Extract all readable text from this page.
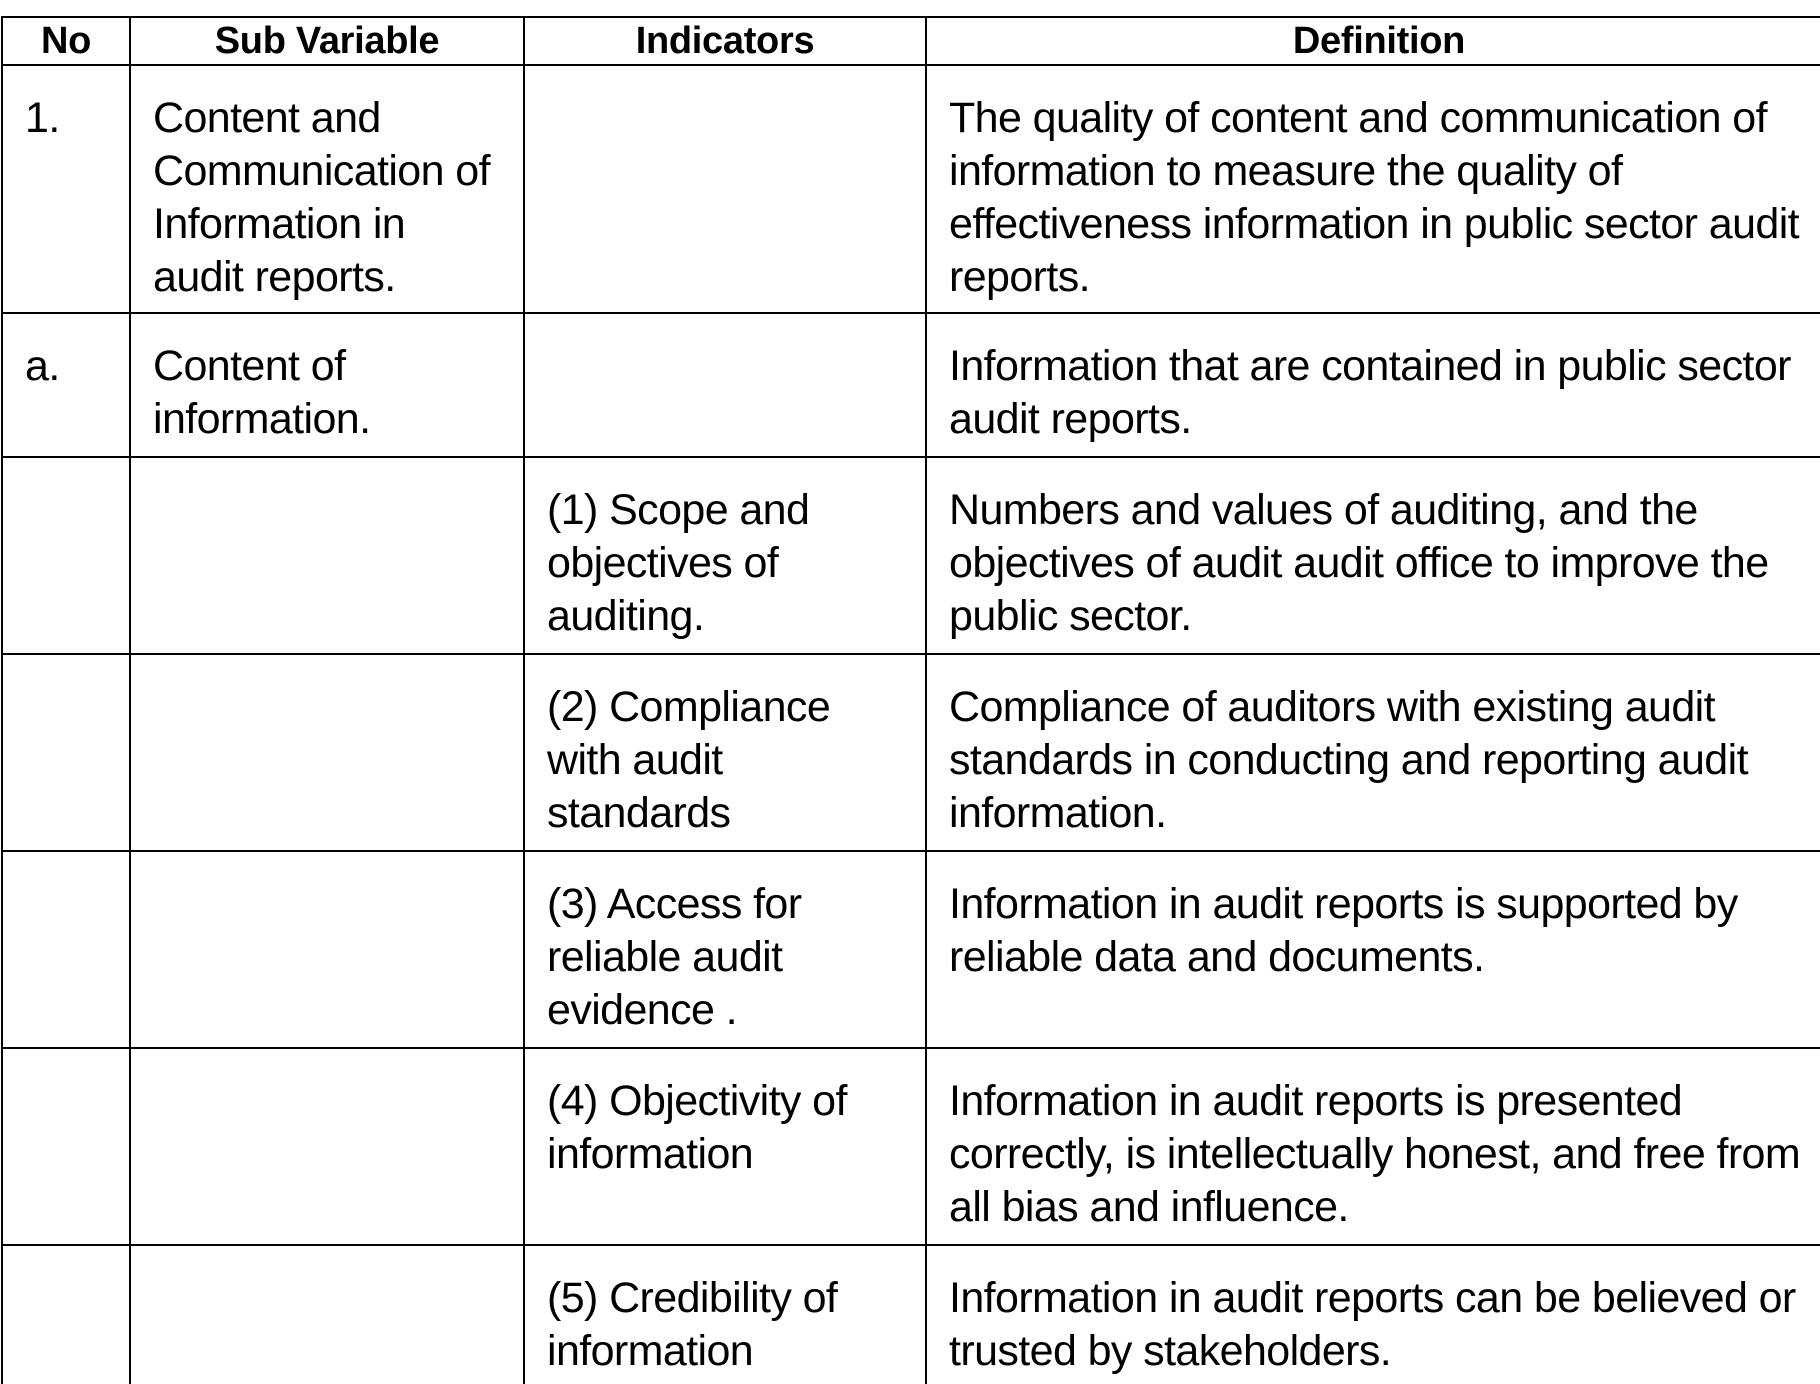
No	Sub Variable	Indicators	Definition

1.	Content and Communication of Information in audit reports.		The quality of content and communication of information to measure the quality of effectiveness information in public sector audit reports.

a.	Content of information.		Information that are contained in public sector audit reports.

		(1) Scope and objectives of auditing.	Numbers and values of auditing, and the objectives of audit audit office to improve the public sector.

		(2) Compliance with audit standards	Compliance of auditors with existing audit standards in conducting and reporting audit information.

		(3) Access for reliable audit evidence .	Information in audit reports is supported by reliable data and documents.

		(4) Objectivity of information	Information in audit reports is presented correctly, is intellectually honest, and free from all bias and influence.

		(5) Credibility of information	Information in audit reports can be believed or trusted by stakeholders.
